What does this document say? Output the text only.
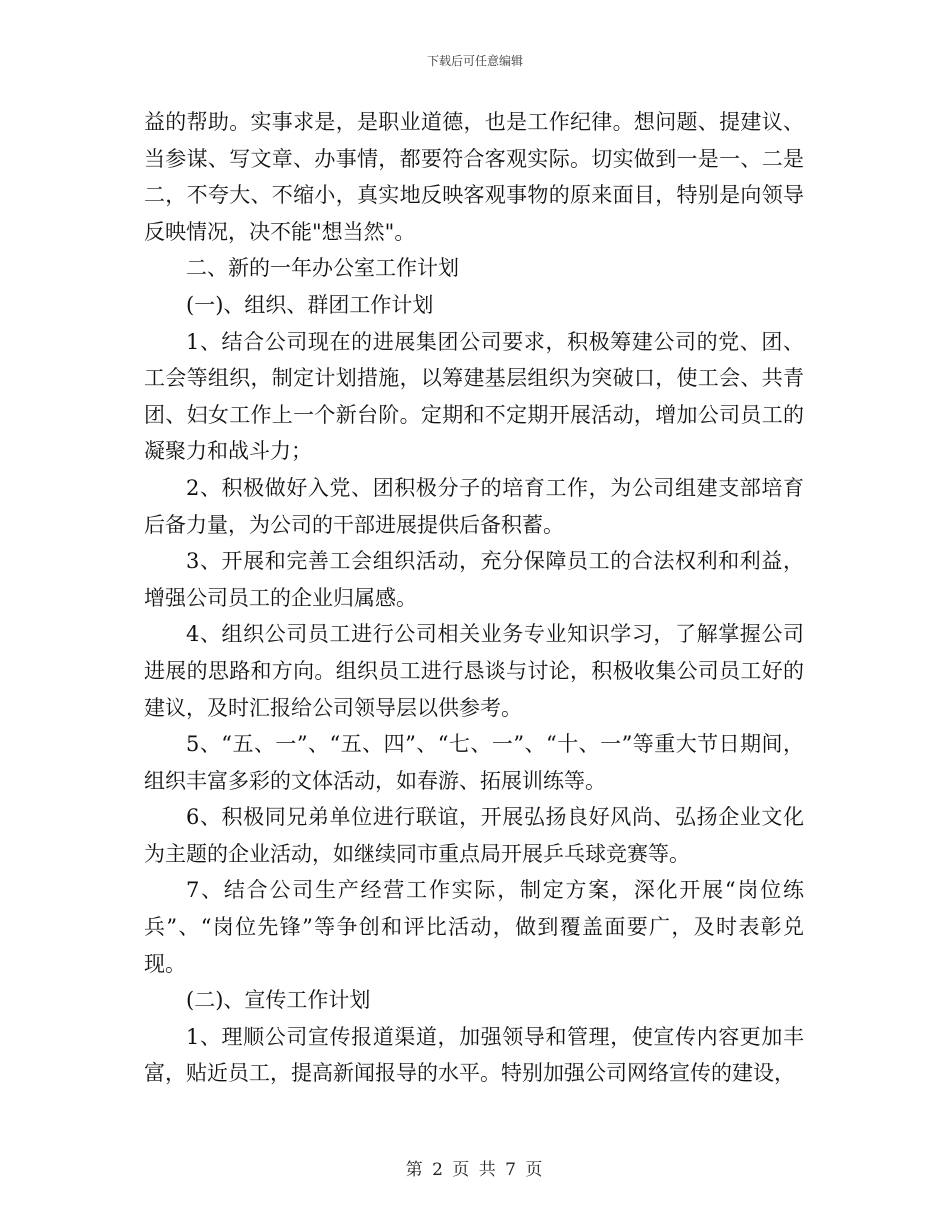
下载后可任意编辑

益的帮助。实事求是，是职业道德，也是工作纪律。想问题、提建议、当参谋、写文章、办事情，都要符合客观实际。切实做到一是一、二是二，不夸大、不缩小，真实地反映客观事物的原来面目，特别是向领导反映情况，决不能"想当然"。

二、新的一年办公室工作计划

(一)、组织、群团工作计划

1、结合公司现在的进展集团公司要求，积极筹建公司的党、团、工会等组织，制定计划措施，以筹建基层组织为突破口，使工会、共青团、妇女工作上一个新台阶。定期和不定期开展活动，增加公司员工的凝聚力和战斗力；

2、积极做好入党、团积极分子的培育工作，为公司组建支部培育后备力量，为公司的干部进展提供后备积蓄。

3、开展和完善工会组织活动，充分保障员工的合法权利和利益，增强公司员工的企业归属感。

4、组织公司员工进行公司相关业务专业知识学习，了解掌握公司进展的思路和方向。组织员工进行恳谈与讨论，积极收集公司员工好的建议，及时汇报给公司领导层以供参考。

5、“五、一”、“五、四”、“七、一”、“十、一”等重大节日期间，组织丰富多彩的文体活动，如春游、拓展训练等。

6、积极同兄弟单位进行联谊，开展弘扬良好风尚、弘扬企业文化为主题的企业活动，如继续同市重点局开展乒乓球竞赛等。

7、结合公司生产经营工作实际，制定方案，深化开展“岗位练兵”、“岗位先锋”等争创和评比活动，做到覆盖面要广，及时表彰兑现。

(二)、宣传工作计划

1、理顺公司宣传报道渠道，加强领导和管理，使宣传内容更加丰富，贴近员工，提高新闻报导的水平。特别加强公司网络宣传的建设，

第 2 页 共 7 页
